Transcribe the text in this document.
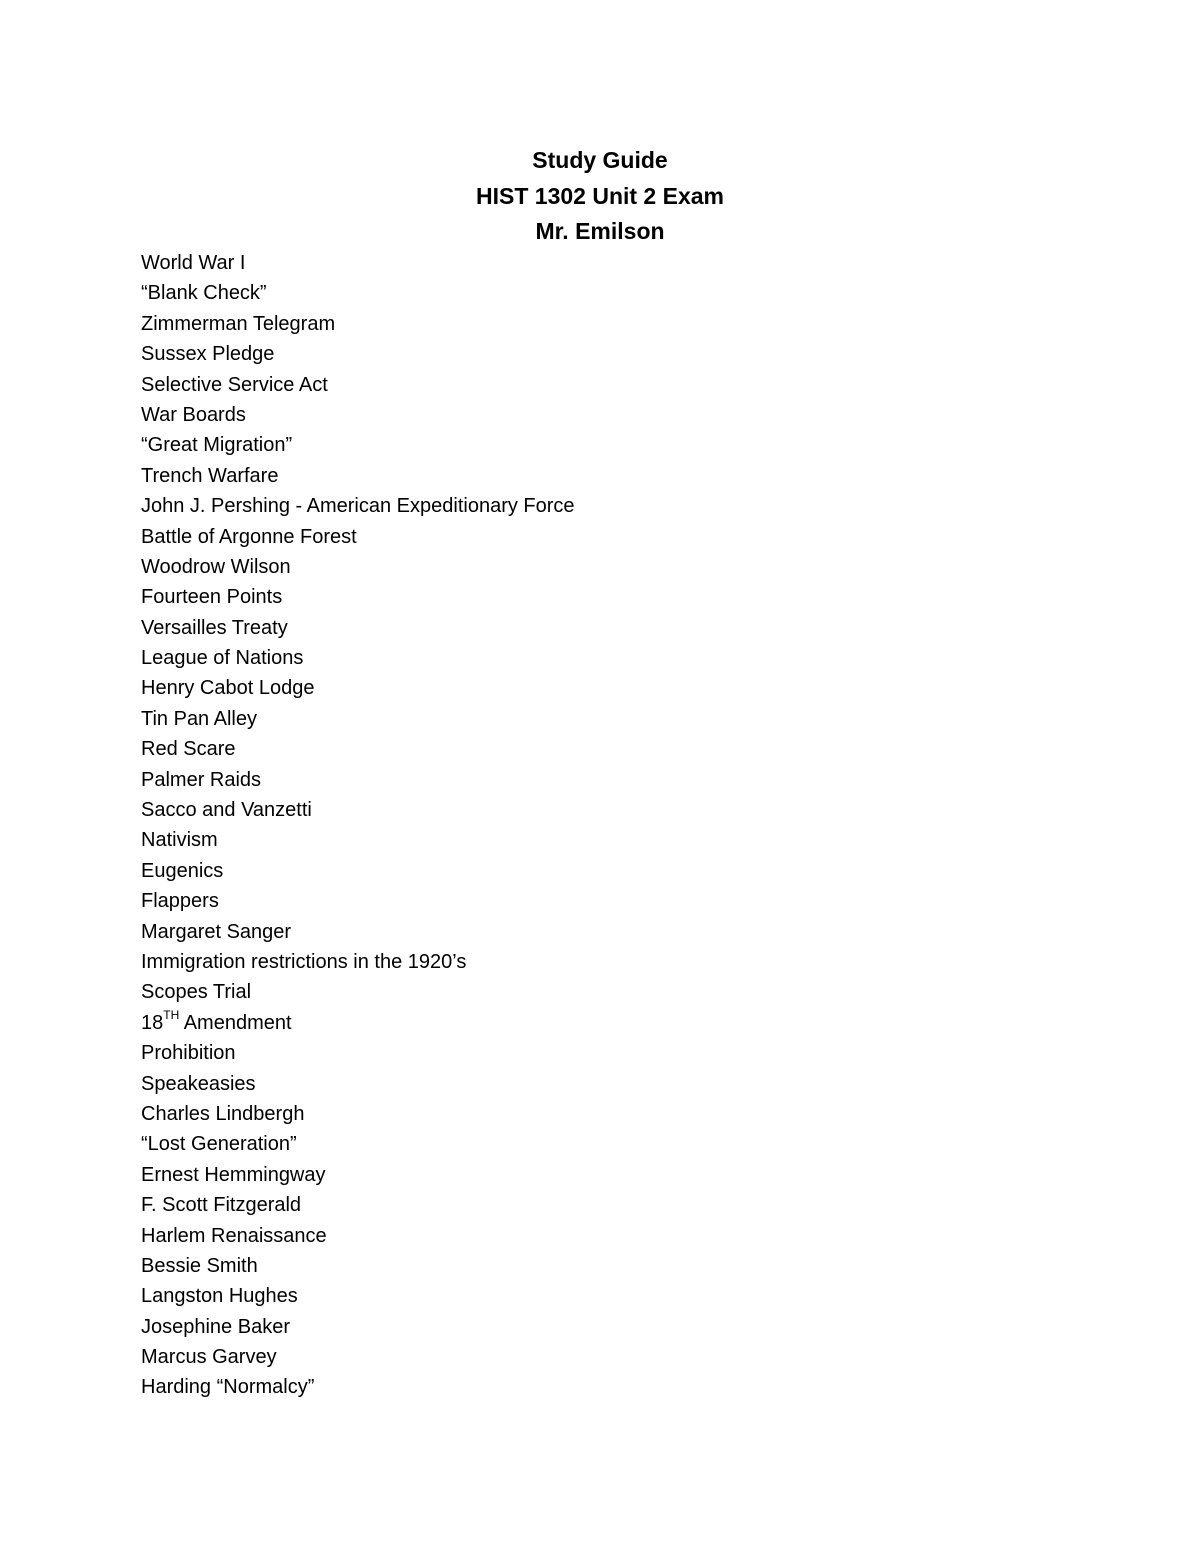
Study Guide
HIST 1302 Unit 2 Exam
Mr. Emilson
World War I
“Blank Check”
Zimmerman Telegram
Sussex Pledge
Selective Service Act
War Boards
“Great Migration”
Trench Warfare
John J. Pershing - American Expeditionary Force
Battle of Argonne Forest
Woodrow Wilson
Fourteen Points
Versailles Treaty
League of Nations
Henry Cabot Lodge
Tin Pan Alley
Red Scare
Palmer Raids
Sacco and Vanzetti
Nativism
Eugenics
Flappers
Margaret Sanger
Immigration restrictions in the 1920’s
Scopes Trial
18TH Amendment
Prohibition
Speakeasies
Charles Lindbergh
“Lost Generation”
Ernest Hemmingway
F. Scott Fitzgerald
Harlem Renaissance
Bessie Smith
Langston Hughes
Josephine Baker
Marcus Garvey
Harding “Normalcy”
